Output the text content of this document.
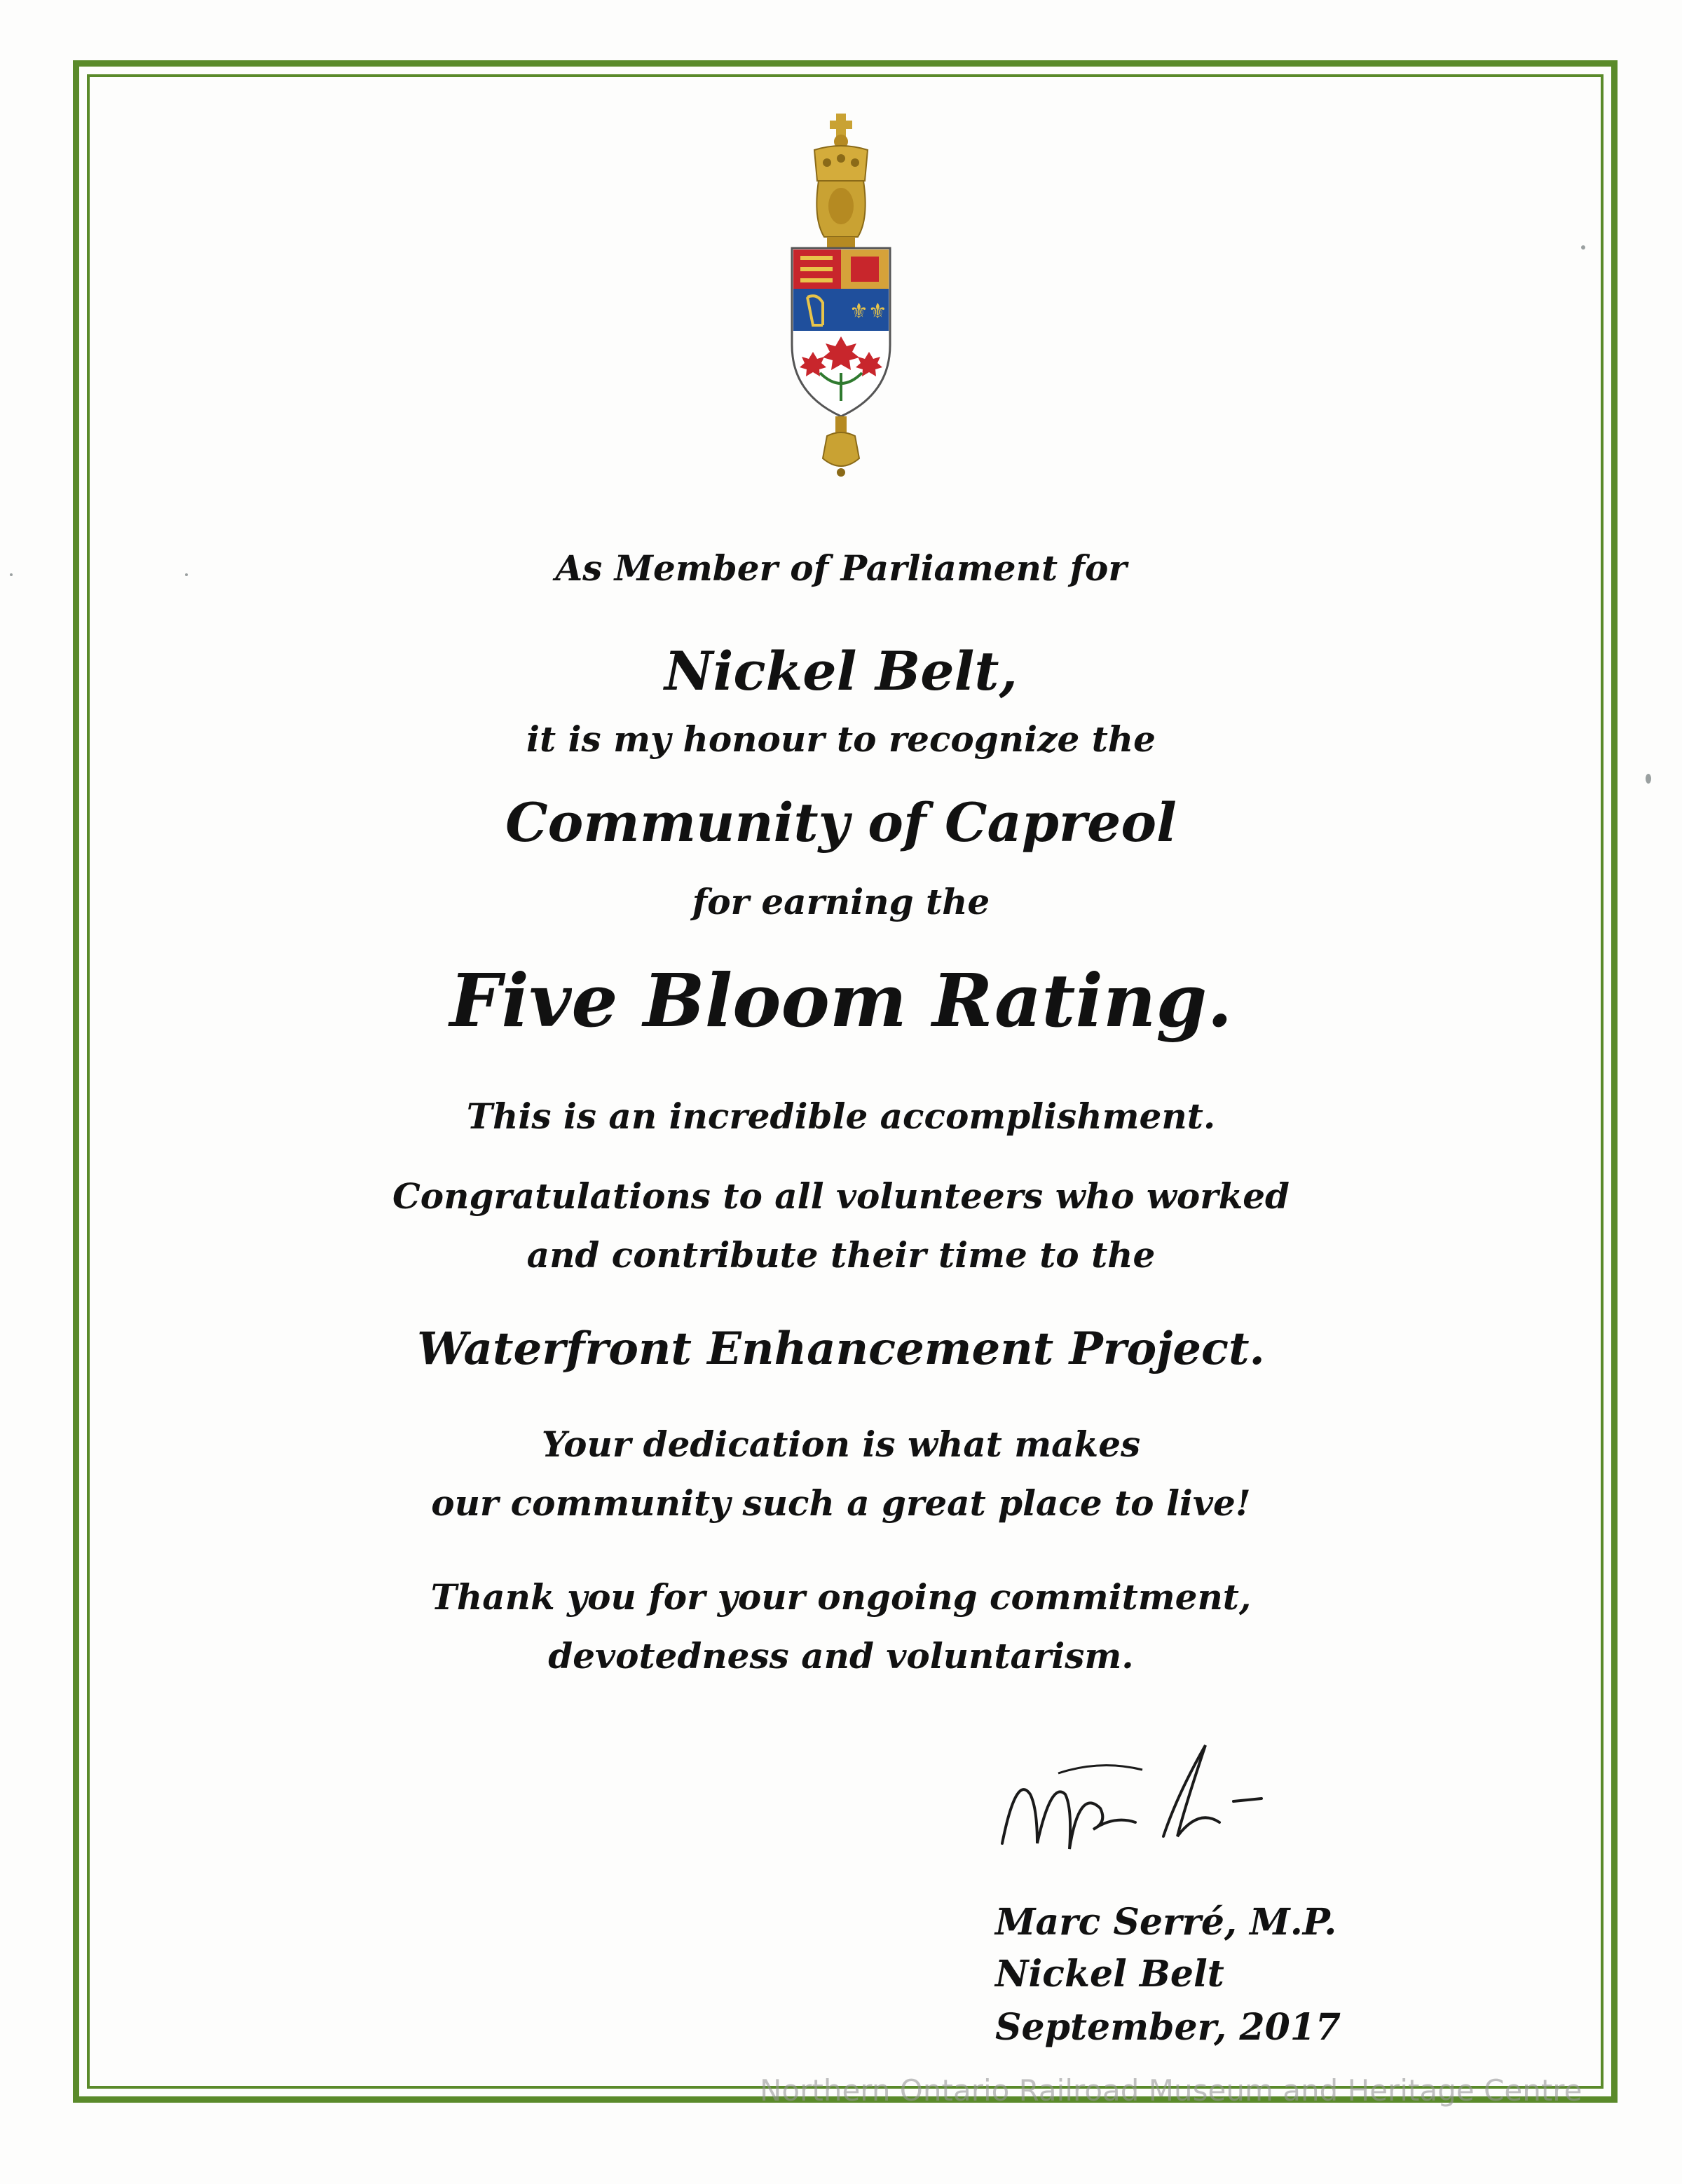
⚜⚜

As Member of Parliament for

Nickel Belt,

it is my honour to recognize the

Community of Capreol

for earning the

Five Bloom Rating.

This is an incredible accomplishment.

Congratulations to all volunteers who worked

and contribute their time to the

Waterfront Enhancement Project.

Your dedication is what makes

our community such a great place to live!

Thank you for your ongoing commitment,

devotedness and voluntarism.

Marc Serré, M.P.

Nickel Belt

September, 2017

Northern Ontario Railroad Museum and Heritage Centre
